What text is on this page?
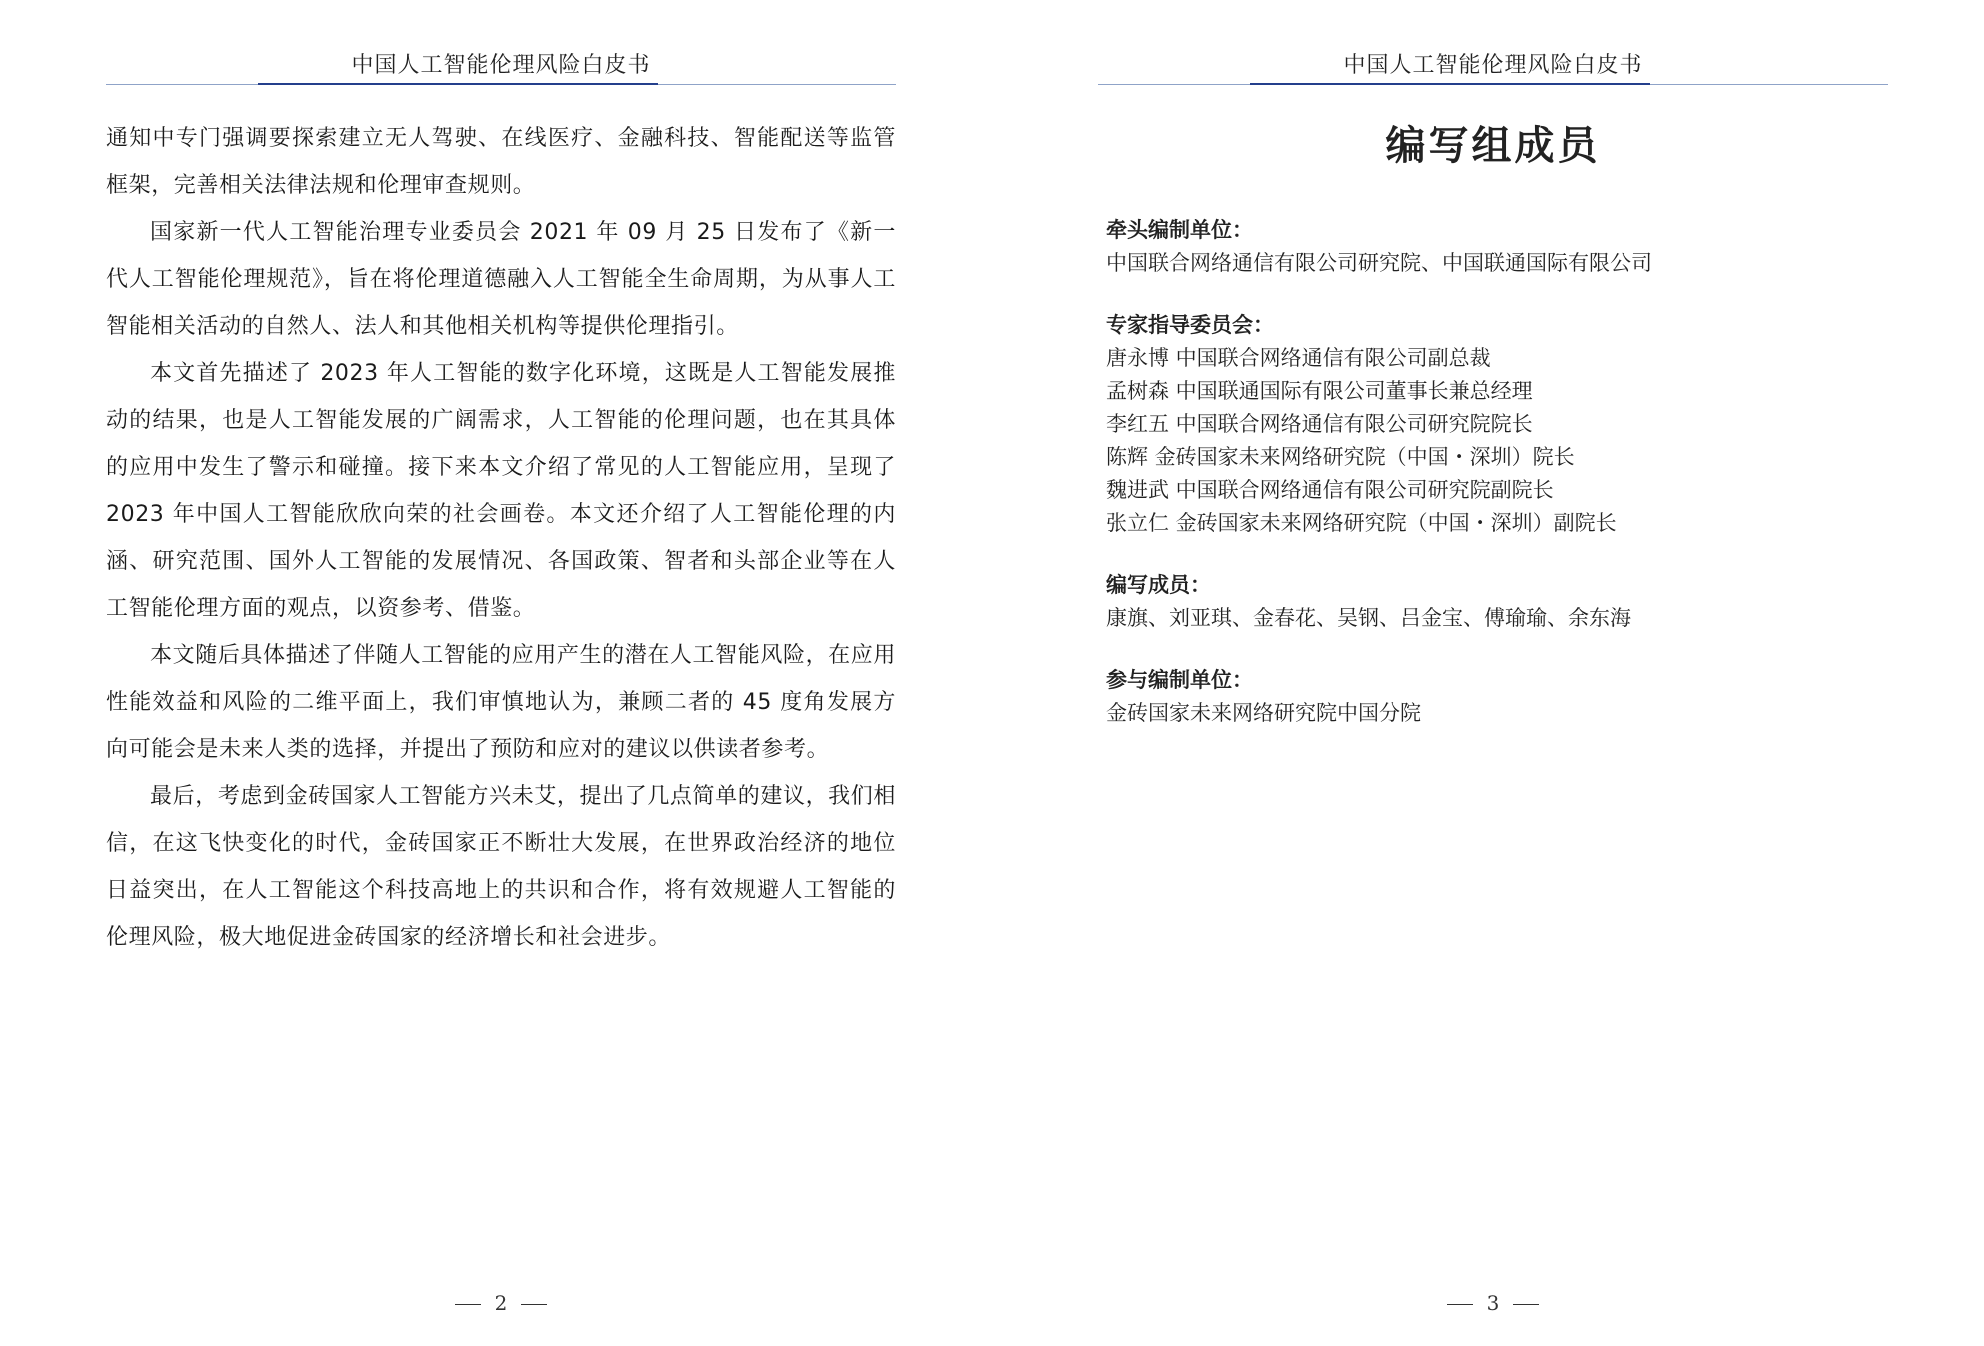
中国人工智能伦理风险白皮书

通知中专门强调要探索建立无人驾驶、在线医疗、金融科技、智能配送等监管框架，完善相关法律法规和伦理审查规则。

国家新一代人工智能治理专业委员会 2021 年 09 月 25 日发布了《新一代人工智能伦理规范》，旨在将伦理道德融入人工智能全生命周期，为从事人工智能相关活动的自然人、法人和其他相关机构等提供伦理指引。

本文首先描述了 2023 年人工智能的数字化环境，这既是人工智能发展推动的结果，也是人工智能发展的广阔需求，人工智能的伦理问题，也在其具体的应用中发生了警示和碰撞。接下来本文介绍了常见的人工智能应用，呈现了 2023 年中国人工智能欣欣向荣的社会画卷。本文还介绍了人工智能伦理的内涵、研究范围、国外人工智能的发展情况、各国政策、智者和头部企业等在人工智能伦理方面的观点，以资参考、借鉴。

本文随后具体描述了伴随人工智能的应用产生的潜在人工智能风险，在应用性能效益和风险的二维平面上，我们审慎地认为，兼顾二者的 45 度角发展方向可能会是未来人类的选择，并提出了预防和应对的建议以供读者参考。

最后，考虑到金砖国家人工智能方兴未艾，提出了几点简单的建议，我们相信，在这飞快变化的时代，金砖国家正不断壮大发展，在世界政治经济的地位日益突出，在人工智能这个科技高地上的共识和合作，将有效规避人工智能的伦理风险，极大地促进金砖国家的经济增长和社会进步。

2
中国人工智能伦理风险白皮书
编写组成员
牵头编制单位：
中国联合网络通信有限公司研究院、中国联通国际有限公司
专家指导委员会：
唐永博 中国联合网络通信有限公司副总裁
孟树森 中国联通国际有限公司董事长兼总经理
李红五 中国联合网络通信有限公司研究院院长
陈辉 金砖国家未来网络研究院（中国・深圳）院长
魏进武 中国联合网络通信有限公司研究院副院长
张立仁 金砖国家未来网络研究院（中国・深圳）副院长
编写成员：
康旗、刘亚琪、金春花、吴钢、吕金宝、傅瑜瑜、余东海
参与编制单位：
金砖国家未来网络研究院中国分院
3
